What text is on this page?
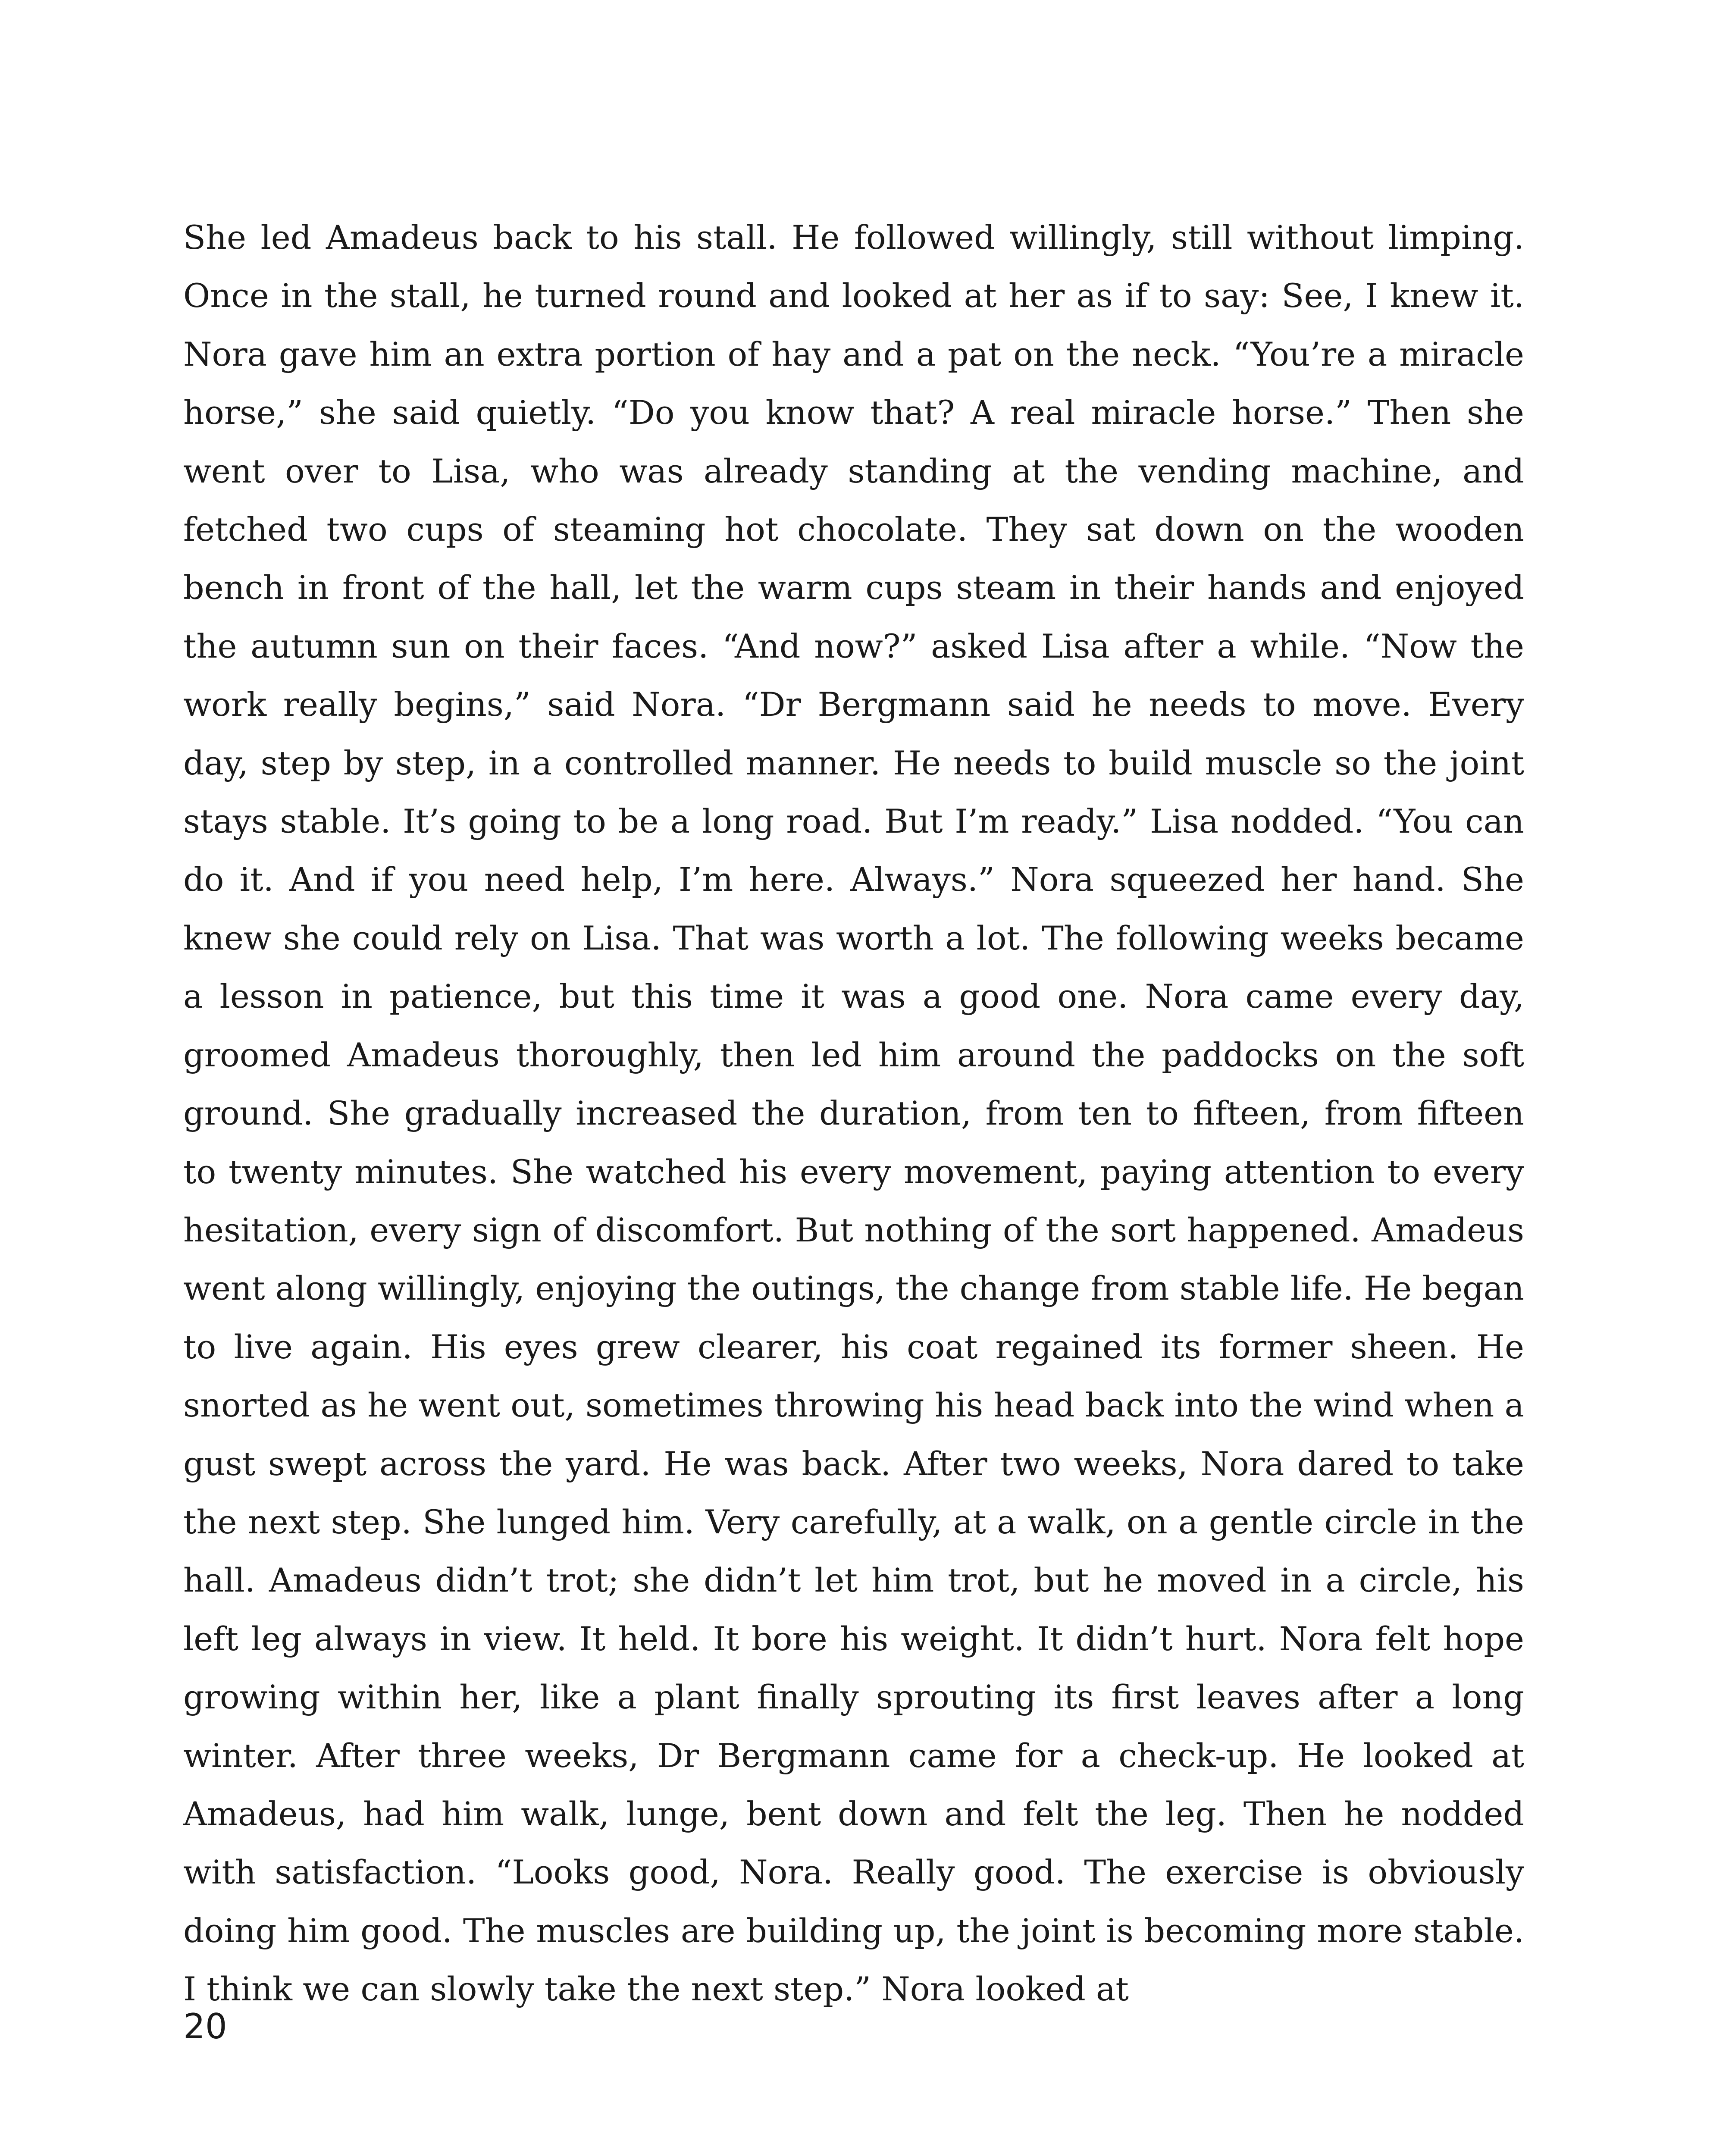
She led Amadeus back to his stall. He followed willingly, still without limping. Once in the stall, he turned round and looked at her as if to say: See, I knew it. Nora gave him an extra portion of hay and a pat on the neck. “You’re a miracle horse,” she said quietly. “Do you know that? A real miracle horse.” Then she went over to Lisa, who was already standing at the vending machine, and fetched two cups of steaming hot chocolate. They sat down on the wooden bench in front of the hall, let the warm cups steam in their hands and enjoyed the autumn sun on their faces. “And now?” asked Lisa after a while. “Now the work really begins,” said Nora. “Dr Bergmann said he needs to move. Every day, step by step, in a controlled manner. He needs to build muscle so the joint stays stable. It’s going to be a long road. But I’m ready.” Lisa nodded. “You can do it. And if you need help, I’m here. Always.” Nora squeezed her hand. She knew she could rely on Lisa. That was worth a lot. The following weeks became a lesson in patience, but this time it was a good one. Nora came every day, groomed Amadeus thoroughly, then led him around the paddocks on the soft ground. She gradually increased the duration, from ten to fifteen, from fifteen to twenty minutes. She watched his every movement, paying attention to every hesitation, every sign of discomfort. But nothing of the sort happened. Amadeus went along willingly, enjoying the outings, the change from stable life. He began to live again. His eyes grew clearer, his coat regained its former sheen. He snorted as he went out, sometimes throwing his head back into the wind when a gust swept across the yard. He was back. After two weeks, Nora dared to take the next step. She lunged him. Very carefully, at a walk, on a gentle circle in the hall. Amadeus didn’t trot; she didn’t let him trot, but he moved in a circle, his left leg always in view. It held. It bore his weight. It didn’t hurt. Nora felt hope growing within her, like a plant finally sprouting its first leaves after a long winter. After three weeks, Dr Bergmann came for a check-up. He looked at Amadeus, had him walk, lunge, bent down and felt the leg. Then he nodded with satisfaction. “Looks good, Nora. Really good. The exercise is obviously doing him good. The muscles are building up, the joint is becoming more stable. I think we can slowly take the next step.” Nora looked at

20
